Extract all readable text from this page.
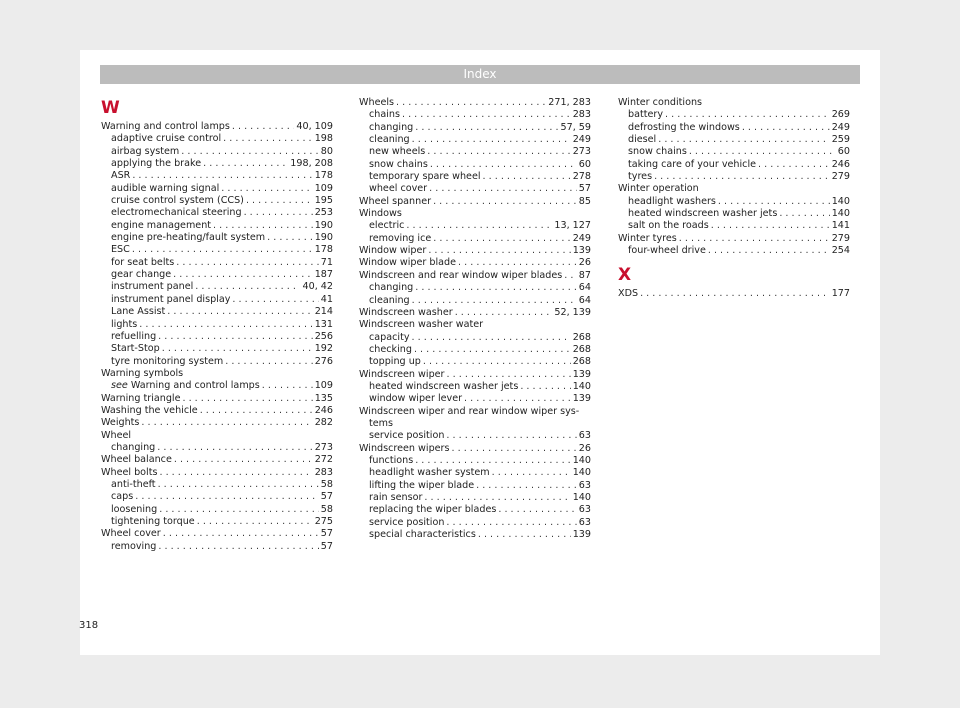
Index
W
Warning and control lamps . . .	40, 109
adaptive cruise control . . .	198
airbag system . . .	80
applying the brake . . .	198, 208
ASR . . .	178
audible warning signal . . .	109
cruise control system (CCS) . . .	195
electromechanical steering . . .	253
engine management . . .	190
engine pre-heating/fault system . . .	190
ESC . . .	178
for seat belts . . .	71
gear change . . .	187
instrument panel . . .	40, 42
instrument panel display . . .	41
Lane Assist . . .	214
lights . . .	131
refuelling . . .	256
Start-Stop . . .	192
tyre monitoring system . . .	276
Warning symbols
see Warning and control lamps . . .	109
Warning triangle . . .	135
Washing the vehicle . . .	246
Weights . . .	282
Wheel
changing . . .	273
Wheel balance . . .	272
Wheel bolts . . .	283
anti-theft . . .	58
caps . . .	57
loosening . . .	58
tightening torque . . .	275
Wheel cover . . .	57
removing . . .	57
Wheels . . .	271, 283
chains . . .	283
changing . . .	57, 59
cleaning . . .	249
new wheels . . .	273
snow chains . . .	60
temporary spare wheel . . .	278
wheel cover . . .	57
Wheel spanner . . .	85
Windows
electric . . .	13, 127
removing ice . . .	249
Window wiper . . .	139
Window wiper blade . . .	26
Windscreen and rear window wiper blades . . . 87
changing . . .	64
cleaning . . .	64
Windscreen washer . . .	52, 139
Windscreen washer water
capacity . . .	268
checking . . .	268
topping up . . .	268
Windscreen wiper . . .	139
heated windscreen washer jets . . .	140
window wiper lever . . .	139
Windscreen wiper and rear window wiper sys-
tems
service position . . .	63
Windscreen wipers . . .	26
functions . . .	140
headlight washer system . . .	140
lifting the wiper blade . . .	63
rain sensor . . .	140
replacing the wiper blades . . .	63
service position . . .	63
special characteristics . . .	139
Winter conditions
battery . . .	269
defrosting the windows . . .	249
diesel . . .	259
snow chains . . .	60
taking care of your vehicle . . .	246
tyres . . .	279
Winter operation
headlight washers . . .	140
heated windscreen washer jets . . .	140
salt on the roads . . .	141
Winter tyres . . .	279
four-wheel drive . . .	254
X
XDS . . .	177
318
